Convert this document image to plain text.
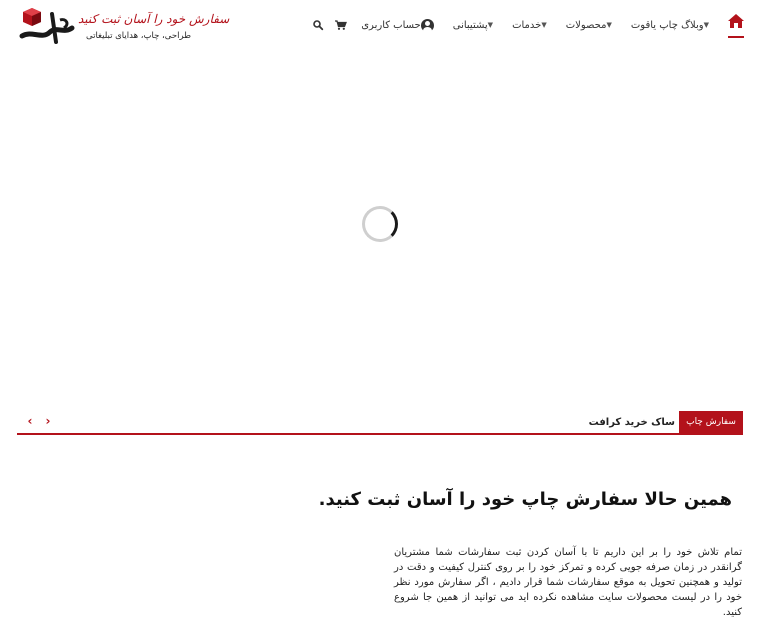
سفارش خود را آسان ثبت کنید
طراحی، چاپ، هدایای تبلیغاتی
وبلاگ چاپ یاقوت ▼
محصولات ▼
خدمات ▼
پشتیبانی ▼
حساب کاربری
‹ ›	ساک خرید کرافت	سفارش چاپ
همین حالا سفارش چاپ خود را آسان ثبت کنید.

تمام تلاش خود را بر این داریم تا با آسان کردن ثبت سفارشات شما مشتریان گرانقدر در زمان صرفه جویی کرده و تمرکز خود را بر روی کنترل کیفیت و دقت در تولید و همچنین تحویل به موقع سفارشات شما قرار دادیم ، اگر سفارش مورد نظر خود را در لیست محصولات سایت مشاهده نکرده اید می توانید از همین جا شروع کنید.
